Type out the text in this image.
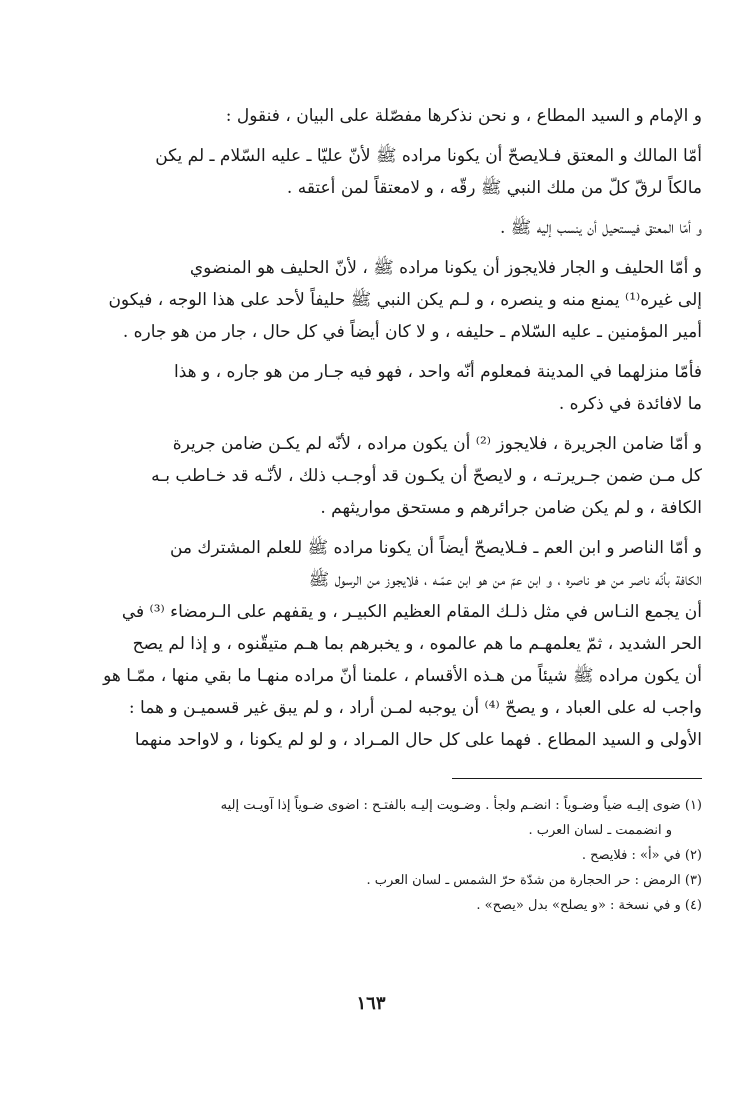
و الإمام و السيد المطاع ، و نحن نذكرها مفصّلة على البيان ، فنقول :
أمّا المالك و المعتق فـلايصحّ أن يكونا مراده ﷺ لأنّ عليّا ـ عليه السّلام ـ لم يكن
مالكاً لرقّ كلّ من ملك النبي ﷺ رقّه ، و لامعتقاً لمن أعتقه .
و أمّا المعتق فيستحيل أن ينسب إليه ﷺ .
و أمّا الحليف و الجار فلايجوز أن يكونا مراده ﷺ ، لأنّ الحليف هو المنضوي
إلى غيره⁽¹⁾ يمنع منه و ينصره ، و لـم يكن النبي ﷺ حليفاً لأحد على هذا الوجه ، فيكون
أمير المؤمنين ـ عليه السّلام ـ حليفه ، و لا كان أيضاً في كل حال ، جار من هو جاره .
فأمّا منزلهما في المدينة فمعلوم أنّه واحد ، فهو فيه جـار من هو جاره ، و هذا
ما لافائدة في ذكره .
و أمّا ضامن الجريرة ، فلايجوز ⁽²⁾ أن يكون مراده ، لأنّه لم يكـن ضامن جريرة
كل مـن ضمن جـريرتـه ، و لايصحّ أن يكـون قد أوجـب ذلك ، لأنّـه قد خـاطب بـه
الكافة ، و لم يكن ضامن جرائرهم و مستحق مواريثهم .
و أمّا الناصر و ابن العم ـ فـلايصحّ أيضاً أن يكونا مراده ﷺ للعلم المشترك من
الكافة بأنّه ناصر من هو ناصره ، و ابن عمّ من هو ابن عمّـه ، فلايجوز من الرسول ﷺ
أن يجمع النـاس في مثل ذلـك المقام العظيم الكبيـر ، و يقفهم على الـرمضاء ⁽³⁾ في
الحر الشديد ، ثمّ يعلمهـم ما هم عالموه ، و يخبرهم بما هـم متيقّنوه ، و إذا لم يصح
أن يكون مراده ﷺ شيئاً من هـذه الأقسام ، علمنا أنّ مراده منهـا ما بقي منها ، ممّـا هو
واجب له على العباد ، و يصحّ ⁽⁴⁾ أن يوجبه لمـن أراد ، و لم يبق غير قسميـن و هما :
الأولى و السيد المطاع . فهما على كل حال المـراد ، و لو لم يكونا ، و لاواحد منهما

(١) ضوى إليـه ضياً وضـوياً : انضـم ولجأ . وضـويت إليـه بالفتـح : اضوى ضـوياً إذا آويـت إليه

و انضممت ـ لسان العرب .

(٢) في «أ» : فلايصح .

(٣) الرمض : حر الحجارة من شدّة حرّ الشمس ـ لسان العرب .

(٤) و في نسخة : «و يصلح» بدل «يصح» .

١٦٣
